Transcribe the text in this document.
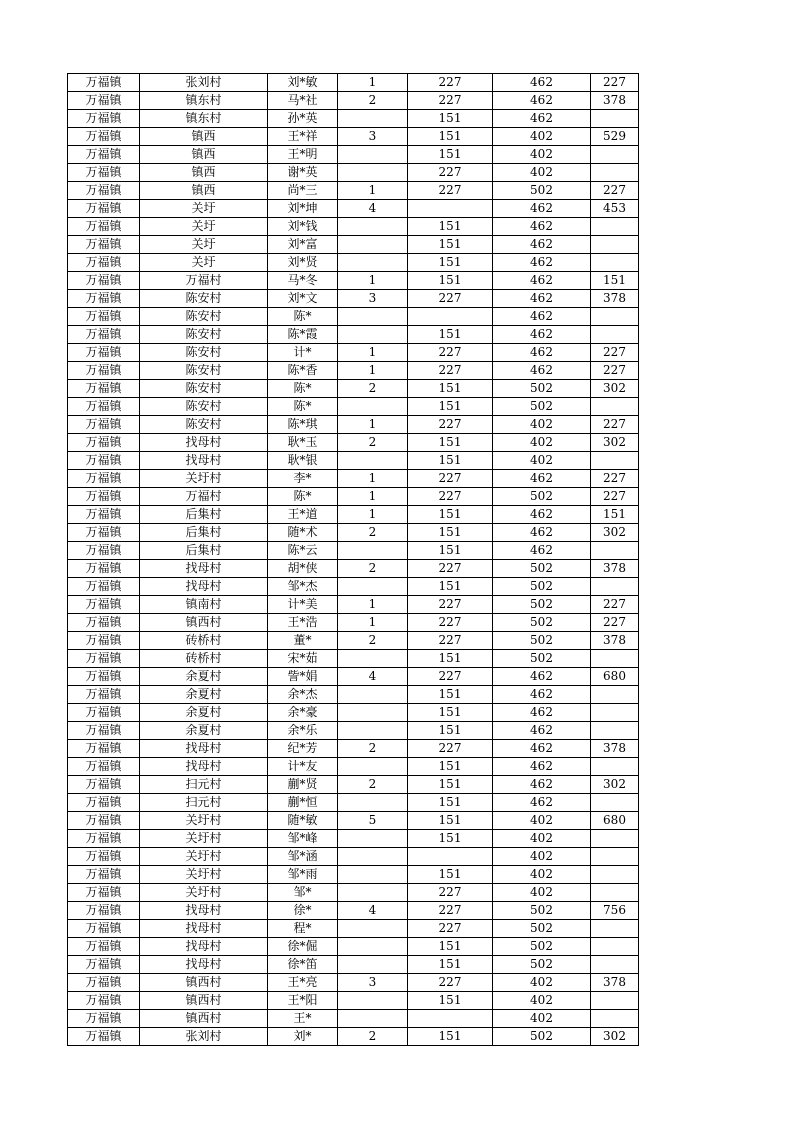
万福镇	张刘村	刘*敏	1	227	462	227
万福镇	镇东村	马*社	2	227	462	378
万福镇	镇东村	孙*英		151	462	
万福镇	镇西	王*祥	3	151	402	529
万福镇	镇西	王*明		151	402	
万福镇	镇西	谢*英		227	402	
万福镇	镇西	尚*三	1	227	502	227
万福镇	关圩	刘*坤	4		462	453
万福镇	关圩	刘*钱		151	462	
万福镇	关圩	刘*富		151	462	
万福镇	关圩	刘*贤		151	462	
万福镇	万福村	马*冬	1	151	462	151
万福镇	陈安村	刘*文	3	227	462	378
万福镇	陈安村	陈*			462	
万福镇	陈安村	陈*霞		151	462	
万福镇	陈安村	计*	1	227	462	227
万福镇	陈安村	陈*香	1	227	462	227
万福镇	陈安村	陈*	2	151	502	302
万福镇	陈安村	陈*		151	502	
万福镇	陈安村	陈*琪	1	227	402	227
万福镇	找母村	耿*玉	2	151	402	302
万福镇	找母村	耿*银		151	402	
万福镇	关圩村	李*	1	227	462	227
万福镇	万福村	陈*	1	227	502	227
万福镇	后集村	王*道	1	151	462	151
万福镇	后集村	随*术	2	151	462	302
万福镇	后集村	陈*云		151	462	
万福镇	找母村	胡*侠	2	227	502	378
万福镇	找母村	邹*杰		151	502	
万福镇	镇南村	计*美	1	227	502	227
万福镇	镇西村	王*浩	1	227	502	227
万福镇	砖桥村	董*	2	227	502	378
万福镇	砖桥村	宋*茹		151	502	
万福镇	余夏村	訾*娟	4	227	462	680
万福镇	余夏村	余*杰		151	462	
万福镇	余夏村	余*豪		151	462	
万福镇	余夏村	余*乐		151	462	
万福镇	找母村	纪*芳	2	227	462	378
万福镇	找母村	计*友		151	462	
万福镇	扫元村	蒯*贤	2	151	462	302
万福镇	扫元村	蒯*恒		151	462	
万福镇	关圩村	随*敏	5	151	402	680
万福镇	关圩村	邹*峰		151	402	
万福镇	关圩村	邹*涵			402	
万福镇	关圩村	邹*雨		151	402	
万福镇	关圩村	邹*		227	402	
万福镇	找母村	徐*	4	227	502	756
万福镇	找母村	程*		227	502	
万福镇	找母村	徐*倔		151	502	
万福镇	找母村	徐*笛		151	502	
万福镇	镇西村	王*亮	3	227	402	378
万福镇	镇西村	王*阳		151	402	
万福镇	镇西村	王*			402	
万福镇	张刘村	刘*	2	151	502	302
